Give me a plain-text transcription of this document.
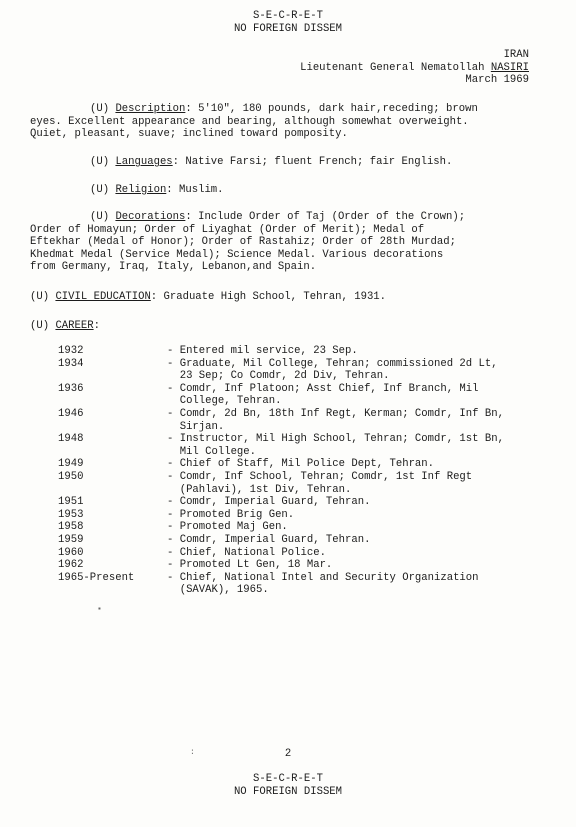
S-E-C-R-E-T
NO FOREIGN DISSEM
IRAN
Lieutenant General Nematollah NASIRI
March 1969

(U) Description: 5'10", 180 pounds, dark hair,receding; brown
eyes. Excellent appearance and bearing, although somewhat overweight.
Quiet, pleasant, suave; inclined toward pomposity.

(U) Languages: Native Farsi; fluent French; fair English.

(U) Religion: Muslim.

(U) Decorations: Include Order of Taj (Order of the Crown);
Order of Homayun; Order of Liyaghat (Order of Merit); Medal of
Eftekhar (Medal of Honor); Order of Rastahiz; Order of 28th Murdad;
Khedmat Medal (Service Medal); Science Medal. Various decorations
from Germany, Iraq, Italy, Lebanon,and Spain.

(U) CIVIL EDUCATION: Graduate High School, Tehran, 1931.

(U) CAREER:

1932	- Entered mil service, 23 Sep.
1934	- Graduate, Mil College, Tehran; commissioned 2d Lt,
23 Sep; Co Comdr, 2d Div, Tehran.
1936	- Comdr, Inf Platoon; Asst Chief, Inf Branch, Mil
College, Tehran.
1946	- Comdr, 2d Bn, 18th Inf Regt, Kerman; Comdr, Inf Bn,
Sirjan.
1948	- Instructor, Mil High School, Tehran; Comdr, 1st Bn,
Mil College.
1949	- Chief of Staff, Mil Police Dept, Tehran.
1950	- Comdr, Inf School, Tehran; Comdr, 1st Inf Regt
(Pahlavi), 1st Div, Tehran.
1951	- Comdr, Imperial Guard, Tehran.
1953	- Promoted Brig Gen.
1958	- Promoted Maj Gen.
1959	- Comdr, Imperial Guard, Tehran.
1960	- Chief, National Police.
1962	- Promoted Lt Gen, 18 Mar.
1965-Present	- Chief, National Intel and Security Organization
(SAVAK), 1965.
▪
:	2
S-E-C-R-E-T
NO FOREIGN DISSEM
